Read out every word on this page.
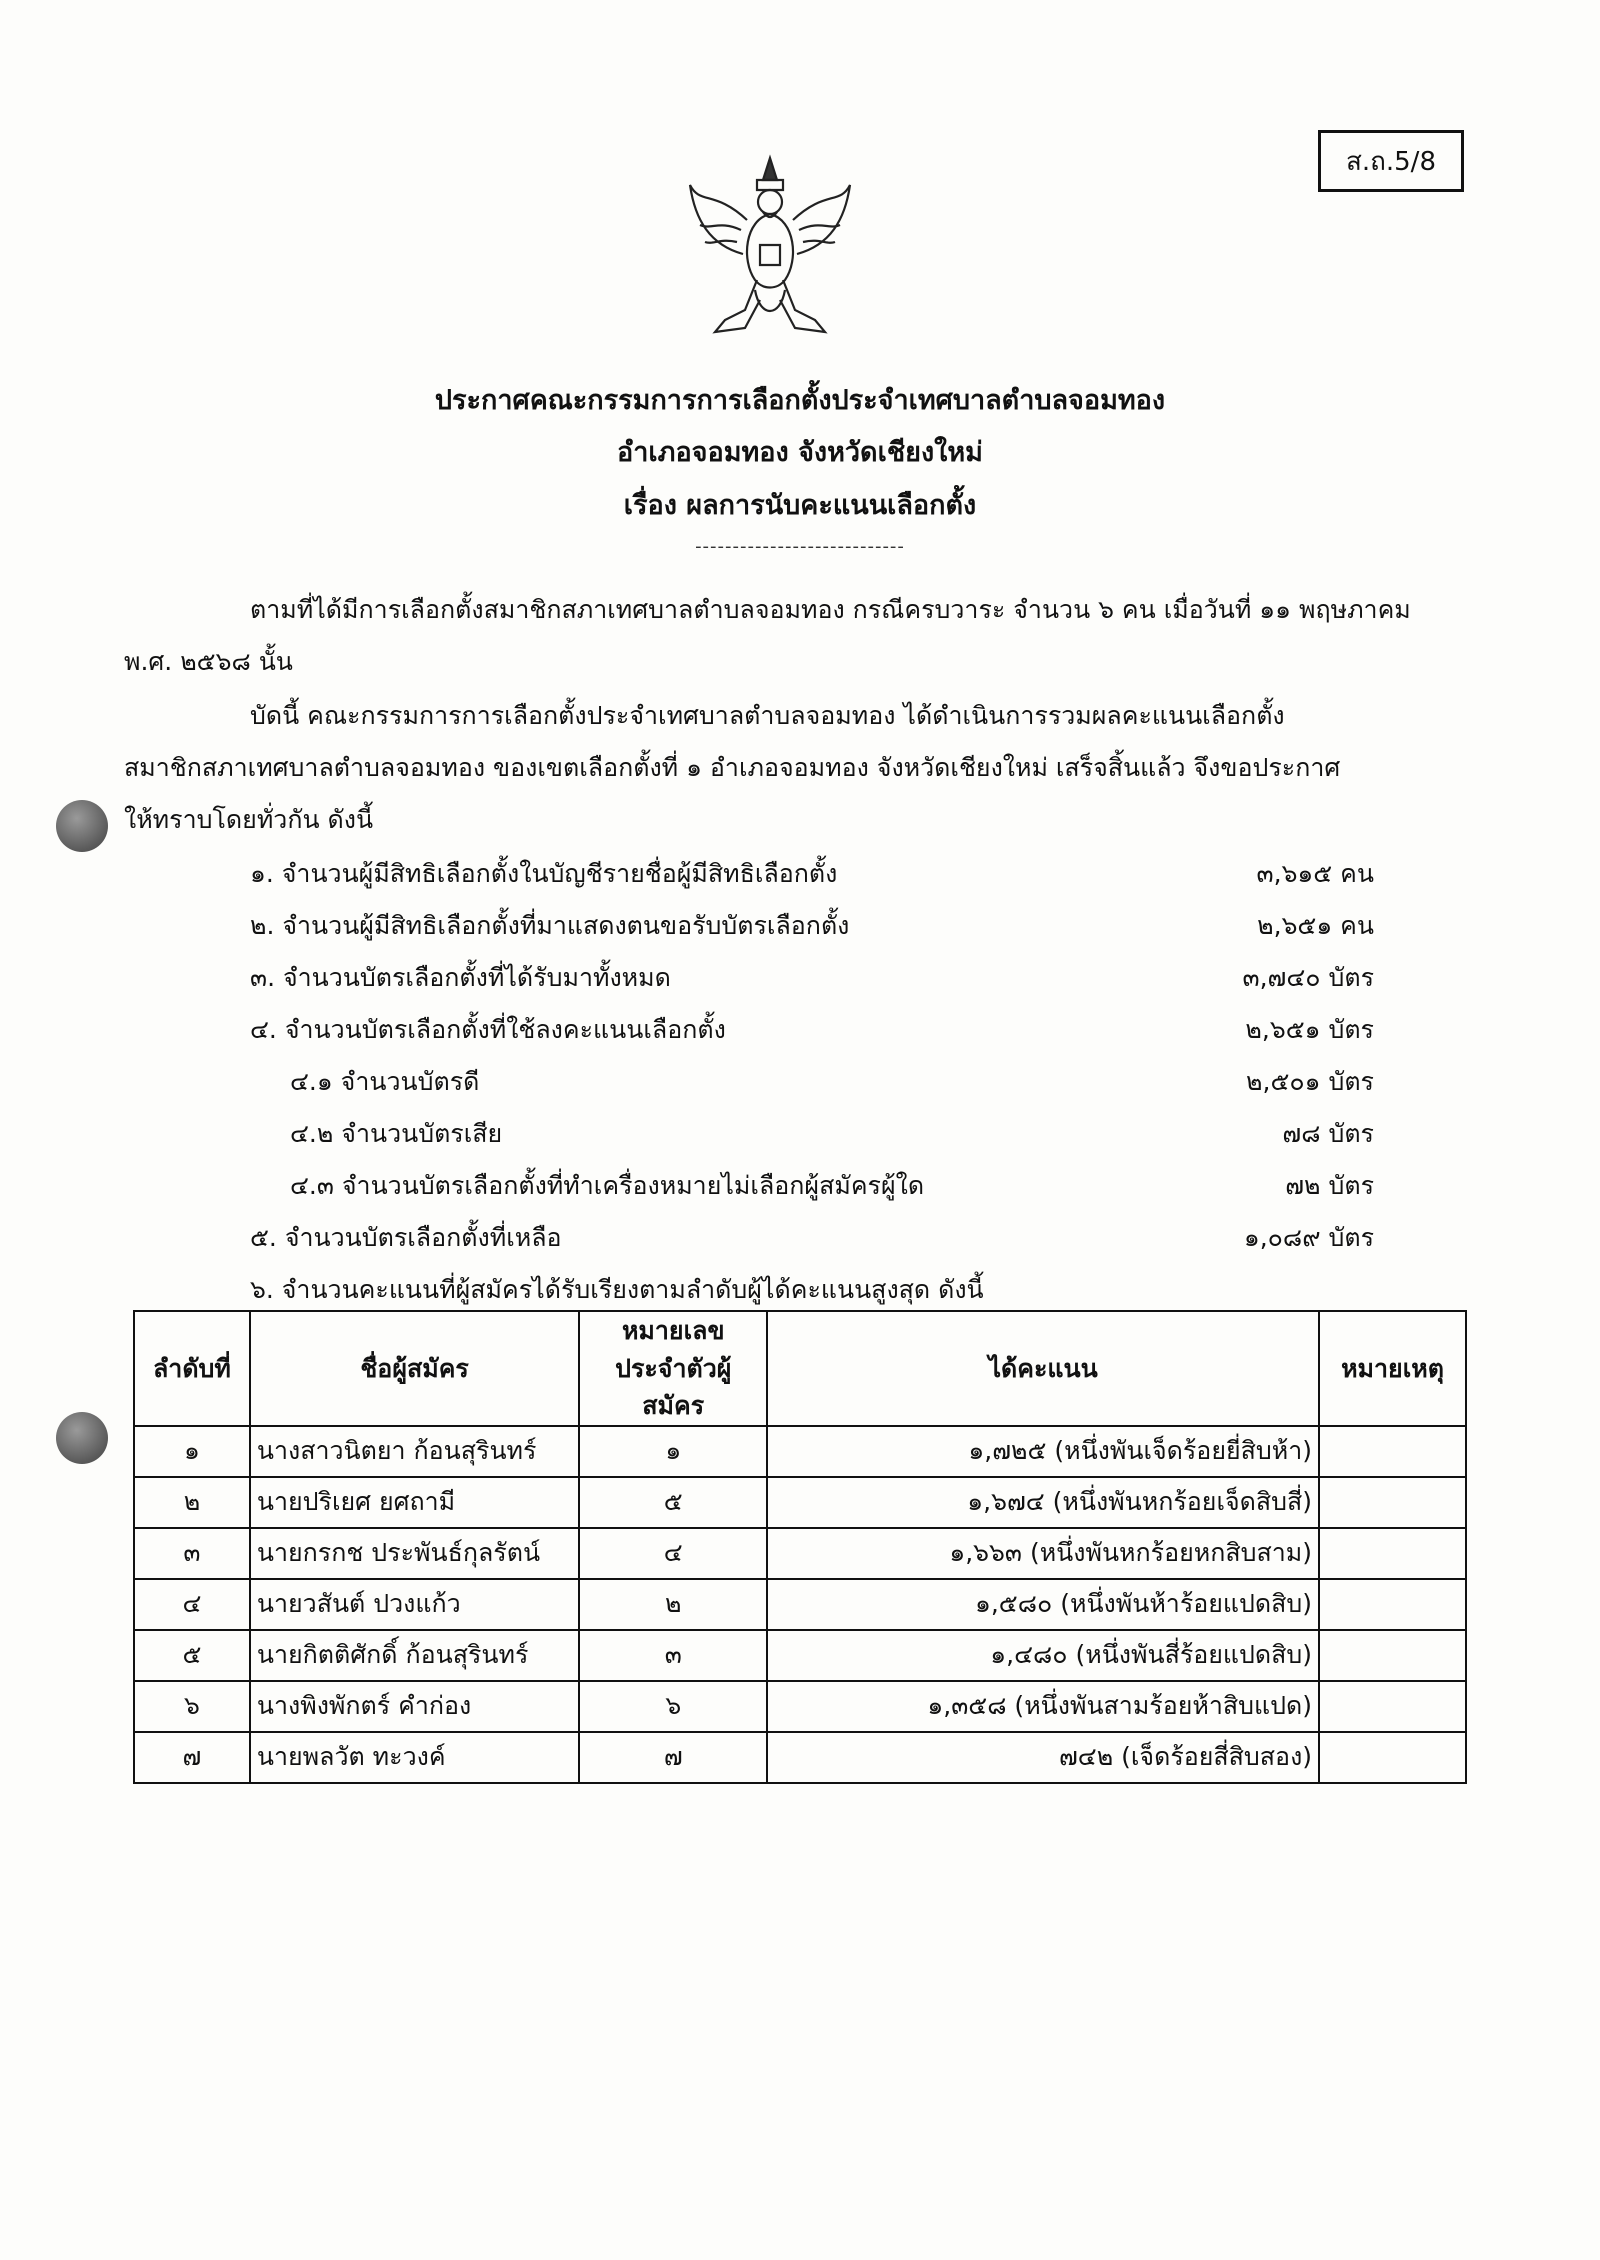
ส.ถ.5/8
ประกาศคณะกรรมการการเลือกตั้งประจำเทศบาลตำบลจอมทอง
อำเภอจอมทอง จังหวัดเชียงใหม่
เรื่อง ผลการนับคะแนนเลือกตั้ง
----------------------------
ตามที่ได้มีการเลือกตั้งสมาชิกสภาเทศบาลตำบลจอมทอง กรณีครบวาระ จำนวน ๖ คน เมื่อวันที่ ๑๑ พฤษภาคม
พ.ศ. ๒๕๖๘ นั้น
บัดนี้ คณะกรรมการการเลือกตั้งประจำเทศบาลตำบลจอมทอง ได้ดำเนินการรวมผลคะแนนเลือกตั้ง
สมาชิกสภาเทศบาลตำบลจอมทอง ของเขตเลือกตั้งที่ ๑ อำเภอจอมทอง จังหวัดเชียงใหม่ เสร็จสิ้นแล้ว จึงขอประกาศ
ให้ทราบโดยทั่วกัน ดังนี้
๑. จำนวนผู้มีสิทธิเลือกตั้งในบัญชีรายชื่อผู้มีสิทธิเลือกตั้ง	๓,๖๑๕ คน
๒. จำนวนผู้มีสิทธิเลือกตั้งที่มาแสดงตนขอรับบัตรเลือกตั้ง	๒,๖๕๑ คน
๓. จำนวนบัตรเลือกตั้งที่ได้รับมาทั้งหมด	๓,๗๔๐ บัตร
๔. จำนวนบัตรเลือกตั้งที่ใช้ลงคะแนนเลือกตั้ง	๒,๖๕๑ บัตร
๔.๑ จำนวนบัตรดี	๒,๕๐๑ บัตร
๔.๒ จำนวนบัตรเสีย	๗๘ บัตร
๔.๓ จำนวนบัตรเลือกตั้งที่ทำเครื่องหมายไม่เลือกผู้สมัครผู้ใด	๗๒ บัตร
๕. จำนวนบัตรเลือกตั้งที่เหลือ	๑,๐๘๙ บัตร
๖. จำนวนคะแนนที่ผู้สมัครได้รับเรียงตามลำดับผู้ได้คะแนนสูงสุด ดังนี้
ลำดับที่	ชื่อผู้สมัคร	หมายเลข
ประจำตัวผู้สมัคร	ได้คะแนน	หมายเหตุ
๑	นางสาวนิตยา ก้อนสุรินทร์	๑	๑,๗๒๕ (หนึ่งพันเจ็ดร้อยยี่สิบห้า)	
๒	นายปริเยศ ยศถามี	๕	๑,๖๗๔ (หนึ่งพันหกร้อยเจ็ดสิบสี่)	
๓	นายกรกช ประพันธ์กุลรัตน์	๔	๑,๖๖๓ (หนึ่งพันหกร้อยหกสิบสาม)	
๔	นายวสันต์ ปวงแก้ว	๒	๑,๕๘๐ (หนึ่งพันห้าร้อยแปดสิบ)	
๕	นายกิตติศักดิ์ ก้อนสุรินทร์	๓	๑,๔๘๐ (หนึ่งพันสี่ร้อยแปดสิบ)	
๖	นางพิงพักตร์ คำก่อง	๖	๑,๓๕๘ (หนึ่งพันสามร้อยห้าสิบแปด)	
๗	นายพลวัต ทะวงค์	๗	๗๔๒ (เจ็ดร้อยสี่สิบสอง)	
